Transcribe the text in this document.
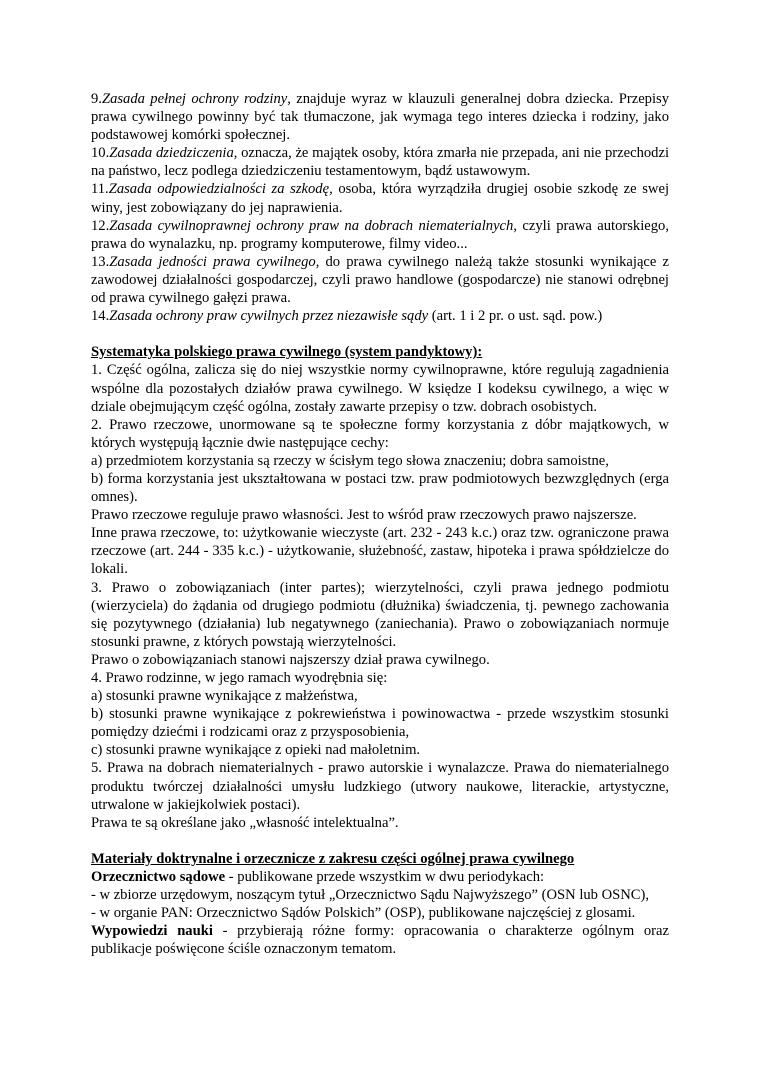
9.Zasada pełnej ochrony rodziny, znajduje wyraz w klauzuli generalnej dobra dziecka. Przepisy prawa cywilnego powinny być tak tłumaczone, jak wymaga tego interes dziecka i rodziny, jako podstawowej komórki społecznej.

10.Zasada dziedziczenia, oznacza, że majątek osoby, która zmarła nie przepada, ani nie przechodzi na państwo, lecz podlega dziedziczeniu testamentowym, bądź ustawowym.

11.Zasada odpowiedzialności za szkodę, osoba, która wyrządziła drugiej osobie szkodę ze swej winy, jest zobowiązany do jej naprawienia.

12.Zasada cywilnoprawnej ochrony praw na dobrach niematerialnych, czyli prawa autorskiego, prawa do wynalazku, np. programy komputerowe, filmy video...

13.Zasada jedności prawa cywilnego, do prawa cywilnego należą także stosunki wynikające z zawodowej działalności gospodarczej, czyli prawo handlowe (gospodarcze) nie stanowi odrębnej od prawa cywilnego gałęzi prawa.

14.Zasada ochrony praw cywilnych przez niezawisłe sądy (art. 1 i 2 pr. o ust. sąd. pow.)

Systematyka polskiego prawa cywilnego (system pandyktowy):

1. Część ogólna, zalicza się do niej wszystkie normy cywilnoprawne, które regulują zagadnienia wspólne dla pozostałych działów prawa cywilnego. W księdze I kodeksu cywilnego, a więc w dziale obejmującym część ogólna, zostały zawarte przepisy o tzw. dobrach osobistych.

2. Prawo rzeczowe, unormowane są te społeczne formy korzystania z dóbr majątkowych, w których występują łącznie dwie następujące cechy:

a) przedmiotem korzystania są rzeczy w ścisłym tego słowa znaczeniu; dobra samoistne,

b) forma korzystania jest ukształtowana w postaci tzw. praw podmiotowych bezwzględnych (erga omnes).

Prawo rzeczowe reguluje prawo własności. Jest to wśród praw rzeczowych prawo najszersze.

Inne prawa rzeczowe, to: użytkowanie wieczyste (art. 232 - 243 k.c.) oraz tzw. ograniczone prawa rzeczowe (art. 244 - 335 k.c.) - użytkowanie, służebność, zastaw, hipoteka i prawa spółdzielcze do lokali.

3. Prawo o zobowiązaniach (inter partes); wierzytelności, czyli prawa jednego podmiotu (wierzyciela) do żądania od drugiego podmiotu (dłużnika) świadczenia, tj. pewnego zachowania się pozytywnego (działania) lub negatywnego (zaniechania). Prawo o zobowiązaniach normuje stosunki prawne, z których powstają wierzytelności.

Prawo o zobowiązaniach stanowi najszerszy dział prawa cywilnego.

4. Prawo rodzinne, w jego ramach wyodrębnia się:

a) stosunki prawne wynikające z małżeństwa,

b) stosunki prawne wynikające z pokrewieństwa i powinowactwa - przede wszystkim stosunki pomiędzy dziećmi i rodzicami oraz z przysposobienia,

c) stosunki prawne wynikające z opieki nad małoletnim.

5. Prawa na dobrach niematerialnych - prawo autorskie i wynalazcze. Prawa do niematerialnego produktu twórczej działalności umysłu ludzkiego (utwory naukowe, literackie, artystyczne, utrwalone w jakiejkolwiek postaci).

Prawa te są określane jako „własność intelektualna”.

Materiały doktrynalne i orzecznicze z zakresu części ogólnej prawa cywilnego

Orzecznictwo sądowe - publikowane przede wszystkim w dwu periodykach:

- w zbiorze urzędowym, noszącym tytuł „Orzecznictwo Sądu Najwyższego” (OSN lub OSNC),

- w organie PAN: Orzecznictwo Sądów Polskich” (OSP), publikowane najczęściej z glosami.

Wypowiedzi nauki - przybierają różne formy: opracowania o charakterze ogólnym oraz publikacje poświęcone ściśle oznaczonym tematom.
